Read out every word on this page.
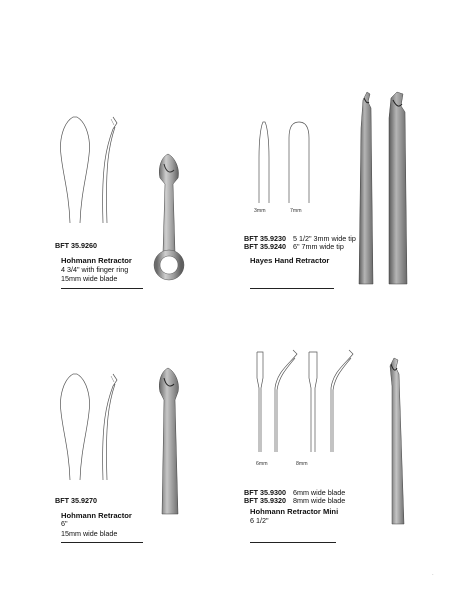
BFT 35.9260
Hohmann Retractor
4 3/4" with finger ring
15mm wide blade
3mm	7mm
BFT 35.9230 5 1/2" 3mm wide tip
BFT 35.9240 6" 7mm wide tip
Hayes Hand Retractor
BFT 35.9270
Hohmann Retractor
6"
15mm wide blade
6mm	8mm
BFT 35.9300 6mm wide blade
BFT 35.9320 8mm wide blade
Hohmann Retractor Mini
6 1/2"
.
